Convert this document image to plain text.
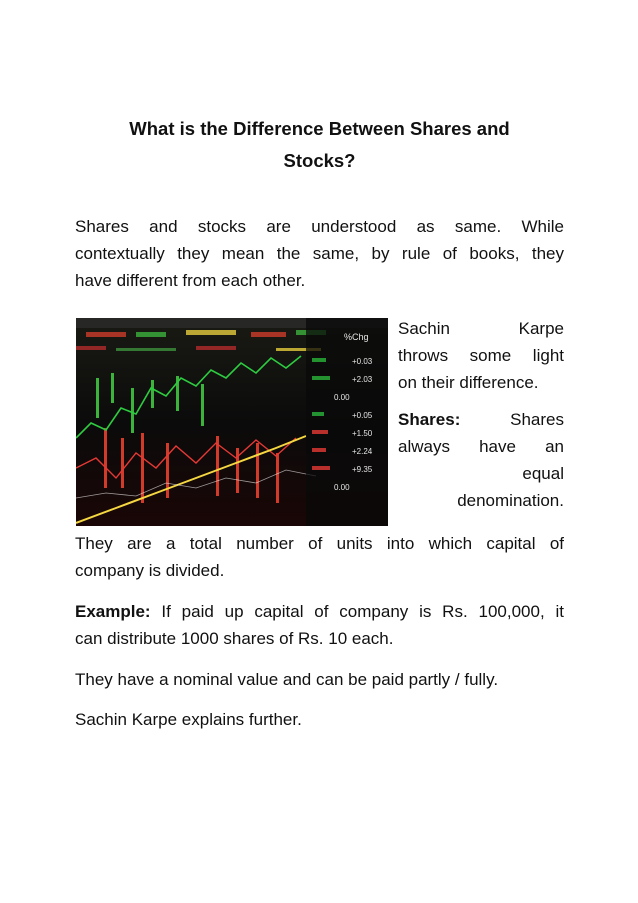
What is the Difference Between Shares and
Stocks?
Shares and stocks are understood as same. While
contextually they mean the same, by rule of books, they
have different from each other.
%Chg
+0.03
+2.03
0.00
+0.05
+1.50
+2.24
+9.35
0.00
Sachin	Karpe
throws some light
on their difference.
Shares:	Shares
always have an
equal
denomination.
They are a total number of units into which capital of
company is divided.
Example: If paid up capital of company is Rs. 100,000, it
can distribute 1000 shares of Rs. 10 each.
They have a nominal value and can be paid partly / fully.
Sachin Karpe explains further.
